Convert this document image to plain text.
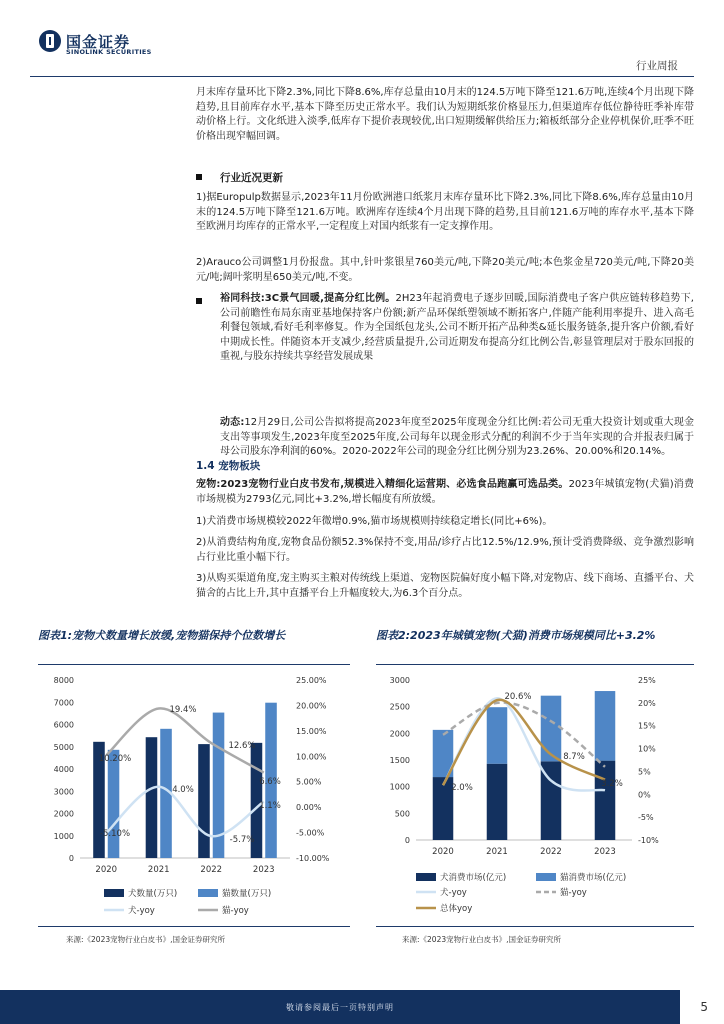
国金证券
SINOLINK SECURITIES
行业周报

月末库存量环比下降2.3%,同比下降8.6%,库存总量由10月末的124.5万吨下降至121.6万吨,连续4个月出现下降趋势,且目前库存水平,基本下降至历史正常水平。我们认为短期纸浆价格显压力,但渠道库存低位静待旺季补库带动价格上行。文化纸进入淡季,低库存下提价表现较优,出口短期缓解供给压力;箱板纸部分企业停机保价,旺季不旺价格出现窄幅回调。

行业近况更新

1)据Europulp数据显示,2023年11月份欧洲港口纸浆月末库存量环比下降2.3%,同比下降8.6%,库存总量由10月末的124.5万吨下降至121.6万吨。欧洲库存连续4个月出现下降的趋势,且目前121.6万吨的库存水平,基本下降至欧洲月均库存的正常水平,一定程度上对国内纸浆有一定支撑作用。

2)Arauco公司调整1月份报盘。其中,针叶浆银星760美元/吨,下降20美元/吨;本色浆金星720美元/吨,下降20美元/吨;阔叶浆明星650美元/吨,不变。

裕同科技:3C景气回暖,提高分红比例。2H23年起消费电子逐步回暖,国际消费电子客户供应链转移趋势下,公司前瞻性布局东南亚基地保持客户份额;新产品环保纸塑领域不断拓客户,伴随产能利用率提升、进入高毛利餐包领域,看好毛利率修复。作为全国纸包龙头,公司不断开拓产品种类&延长服务链条,提升客户价额,看好中期成长性。伴随资本开支减少,经营质量提升,公司近期发布提高分红比例公告,彰显管理层对于股东回报的重视,与股东持续共享经营发展成果

动态:12月29日,公司公告拟将提高2023年度至2025年度现金分红比例:若公司无重大投资计划或重大现金支出等事项发生,2023年度至2025年度,公司每年以现金形式分配的利润不少于当年实现的合并报表归属于母公司股东净利润的60%。2020-2022年公司的现金分红比例分别为23.26%、20.00%和20.14%。

1.4 宠物板块

宠物:2023宠物行业白皮书发布,规模进入精细化运营期、必选食品跑赢可选品类。2023年城镇宠物(犬猫)消费市场规模为2793亿元,同比+3.2%,增长幅度有所放缓。

1)犬消费市场规模较2022年微增0.9%,猫市场规模则持续稳定增长(同比+6%)。

2)从消费结构角度,宠物食品份额52.3%保持不变,用品/诊疗占比12.5%/12.9%,预计受消费降级、竞争激烈影响占行业比重小幅下行。

3)从购买渠道角度,宠主购买主粮对传统线上渠道、宠物医院偏好度小幅下降,对宠物店、线下商场、直播平台、犬猫舍的占比上升,其中直播平台上升幅度较大,为6.3个百分点。

图表1:宠物犬数量增长放缓,宠物猫保持个位数增长

0
1000
2000
3000
4000
5000
6000
7000
8000
-10.00%
-5.00%
0.00%
5.00%
10.00%
15.00%
20.00%
25.00%
2020	2021	2022	2023
-5.10%
10.20%
19.4%
4.0%
12.6%
-5.7%
6.6%
1.1%
犬数量(万只)	猫数量(万只)
犬-yoy	猫-yoy
来源:《2023宠物行业白皮书》,国金证券研究所

图表2:2023年城镇宠物(犬猫)消费市场规模同比+3.2%

0
500
1000
1500
2000
2500
3000
-10%
-5%
0%
5%
10%
15%
20%
25%
2020	2021	2022	2023
2.0%
20.6%
8.7%
3.2%
犬消费市场(亿元)	猫消费市场(亿元)
犬-yoy	猫-yoy
总体yoy
来源:《2023宠物行业白皮书》,国金证券研究所
敬请参阅最后一页特别声明	5
